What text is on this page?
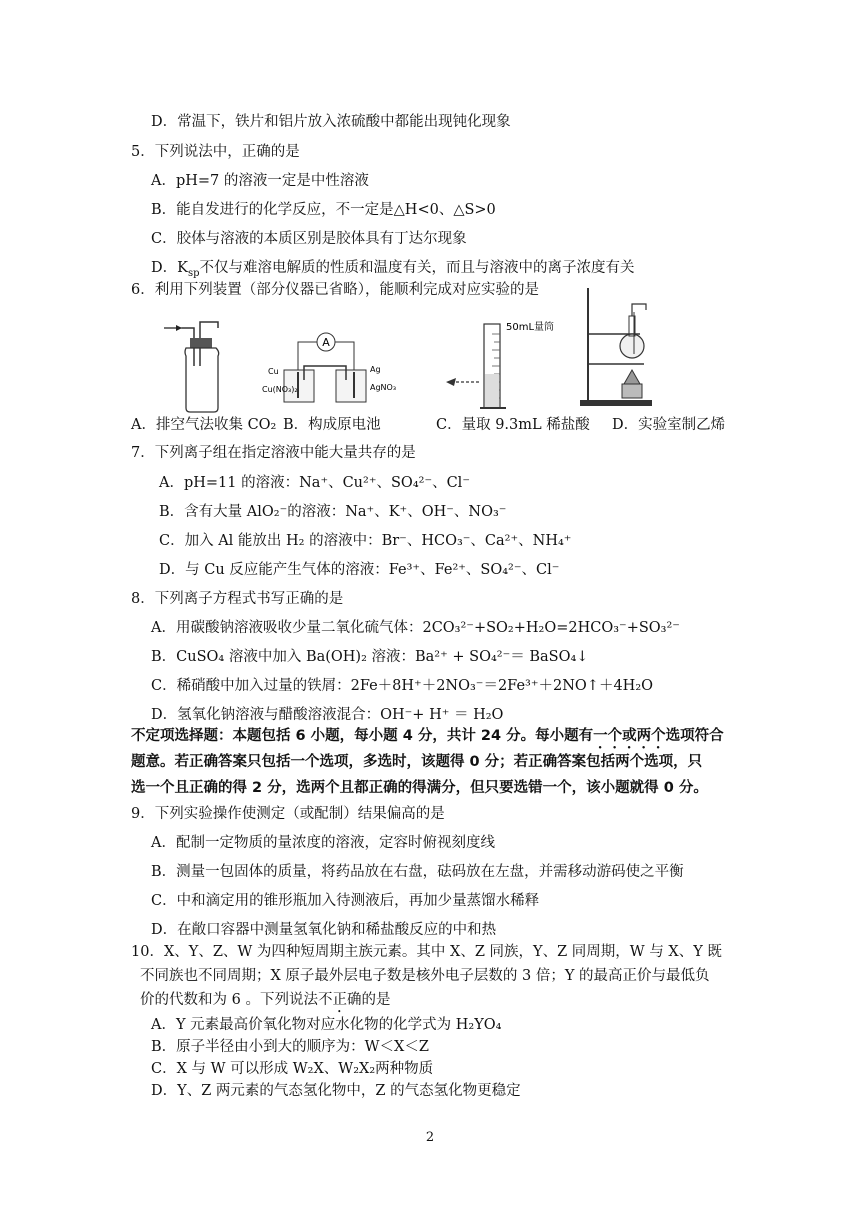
D．常温下，铁片和铝片放入浓硫酸中都能出现钝化现象
5．下列说法中，正确的是
A．pH=7 的溶液一定是中性溶液
B．能自发进行的化学反应，不一定是△H<0、△S>0
C．胶体与溶液的本质区别是胶体具有丁达尔现象
D．$K_{sp}$不仅与难溶电解质的性质和温度有关，而且与溶液中的离子浓度有关
6．利用下列装置（部分仪器已省略），能顺利完成对应实验的是
A
Cu	Ag
Cu(NO₃)₂	AgNO₃
50mL量筒
A．排空气法收集 CO₂ B．构成原电池	C．量取 9.3mL 稀盐酸 D．实验室制乙烯
7．下列离子组在指定溶液中能大量共存的是
A．pH=11 的溶液：Na⁺、Cu²⁺、SO₄²⁻、Cl⁻
B．含有大量 AlO₂⁻的溶液：Na⁺、K⁺、OH⁻、NO₃⁻
C．加入 Al 能放出 H₂ 的溶液中：Br⁻、HCO₃⁻、Ca²⁺、NH₄⁺
D．与 Cu 反应能产生气体的溶液：Fe³⁺、Fe²⁺、SO₄²⁻、Cl⁻
8．下列离子方程式书写正确的是
A．用碳酸钠溶液吸收少量二氧化硫气体：2CO₃²⁻+SO₂+H₂O=2HCO₃⁻+SO₃²⁻
B．CuSO₄ 溶液中加入 Ba(OH)₂ 溶液：Ba²⁺ + SO₄²⁻＝ BaSO₄↓
C．稀硝酸中加入过量的铁屑：2Fe＋8H⁺＋2NO₃⁻＝2Fe³⁺＋2NO↑＋4H₂O
D．氢氧化钠溶液与醋酸溶液混合：OH⁻+ H⁺ ＝ H₂O
不定项选择题：本题包括 6 小题，每小题 4 分，共计 24 分。每小题有一个或两个选项符合
题意。若正确答案只包括一个选项，多选时，该题得 0 分；若正确答案包括两个选项，只
选一个且正确的得 2 分，选两个且都正确的得满分，但只要选错一个，该小题就得 0 分。
9．下列实验操作使测定（或配制）结果偏高的是
A．配制一定物质的量浓度的溶液，定容时俯视刻度线
B．测量一包固体的质量，将药品放在右盘，砝码放在左盘，并需移动游码使之平衡
C．中和滴定用的锥形瓶加入待测液后，再加少量蒸馏水稀释
D．在敞口容器中测量氢氧化钠和稀盐酸反应的中和热
10．X、Y、Z、W 为四种短周期主族元素。其中 X、Z 同族，Y、Z 同周期，W 与 X、Y 既
不同族也不同周期；X 原子最外层电子数是核外电子层数的 3 倍；Y 的最高正价与最低负
价的代数和为 6 。下列说法不正确的是
A．Y 元素最高价氧化物对应水化物的化学式为 H₂YO₄
B．原子半径由小到大的顺序为：W＜X＜Z
C．X 与 W 可以形成 W₂X、W₂X₂两种物质
D．Y、Z 两元素的气态氢化物中，Z 的气态氢化物更稳定
2
